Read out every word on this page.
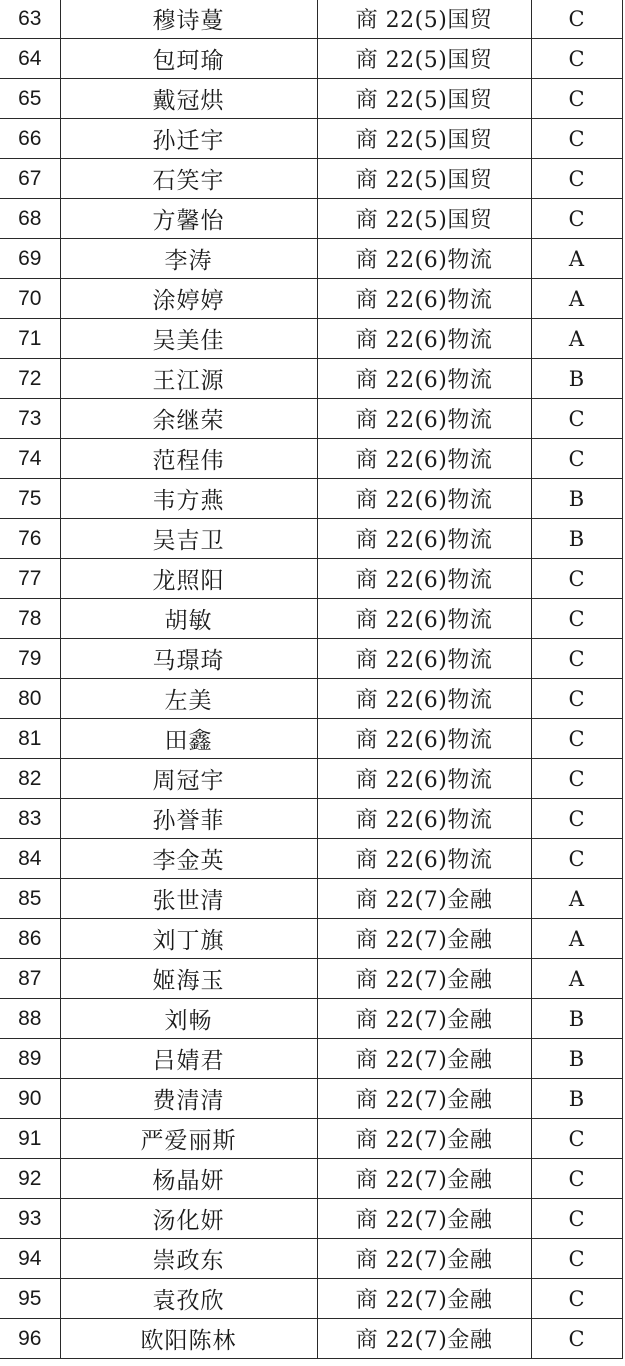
63	穆诗蔓	商 22(5)国贸	C
64	包珂瑜	商 22(5)国贸	C
65	戴冠烘	商 22(5)国贸	C
66	孙迁宇	商 22(5)国贸	C
67	石笑宇	商 22(5)国贸	C
68	方馨怡	商 22(5)国贸	C
69	李涛	商 22(6)物流	A
70	涂婷婷	商 22(6)物流	A
71	吴美佳	商 22(6)物流	A
72	王江源	商 22(6)物流	B
73	余继荣	商 22(6)物流	C
74	范程伟	商 22(6)物流	C
75	韦方燕	商 22(6)物流	B
76	吴吉卫	商 22(6)物流	B
77	龙照阳	商 22(6)物流	C
78	胡敏	商 22(6)物流	C
79	马璟琦	商 22(6)物流	C
80	左美	商 22(6)物流	C
81	田鑫	商 22(6)物流	C
82	周冠宇	商 22(6)物流	C
83	孙誉菲	商 22(6)物流	C
84	李金英	商 22(6)物流	C
85	张世清	商 22(7)金融	A
86	刘丁旗	商 22(7)金融	A
87	姬海玉	商 22(7)金融	A
88	刘畅	商 22(7)金融	B
89	吕婧君	商 22(7)金融	B
90	费清清	商 22(7)金融	B
91	严爱丽斯	商 22(7)金融	C
92	杨晶妍	商 22(7)金融	C
93	汤化妍	商 22(7)金融	C
94	崇政东	商 22(7)金融	C
95	袁孜欣	商 22(7)金融	C
96	欧阳陈林	商 22(7)金融	C
